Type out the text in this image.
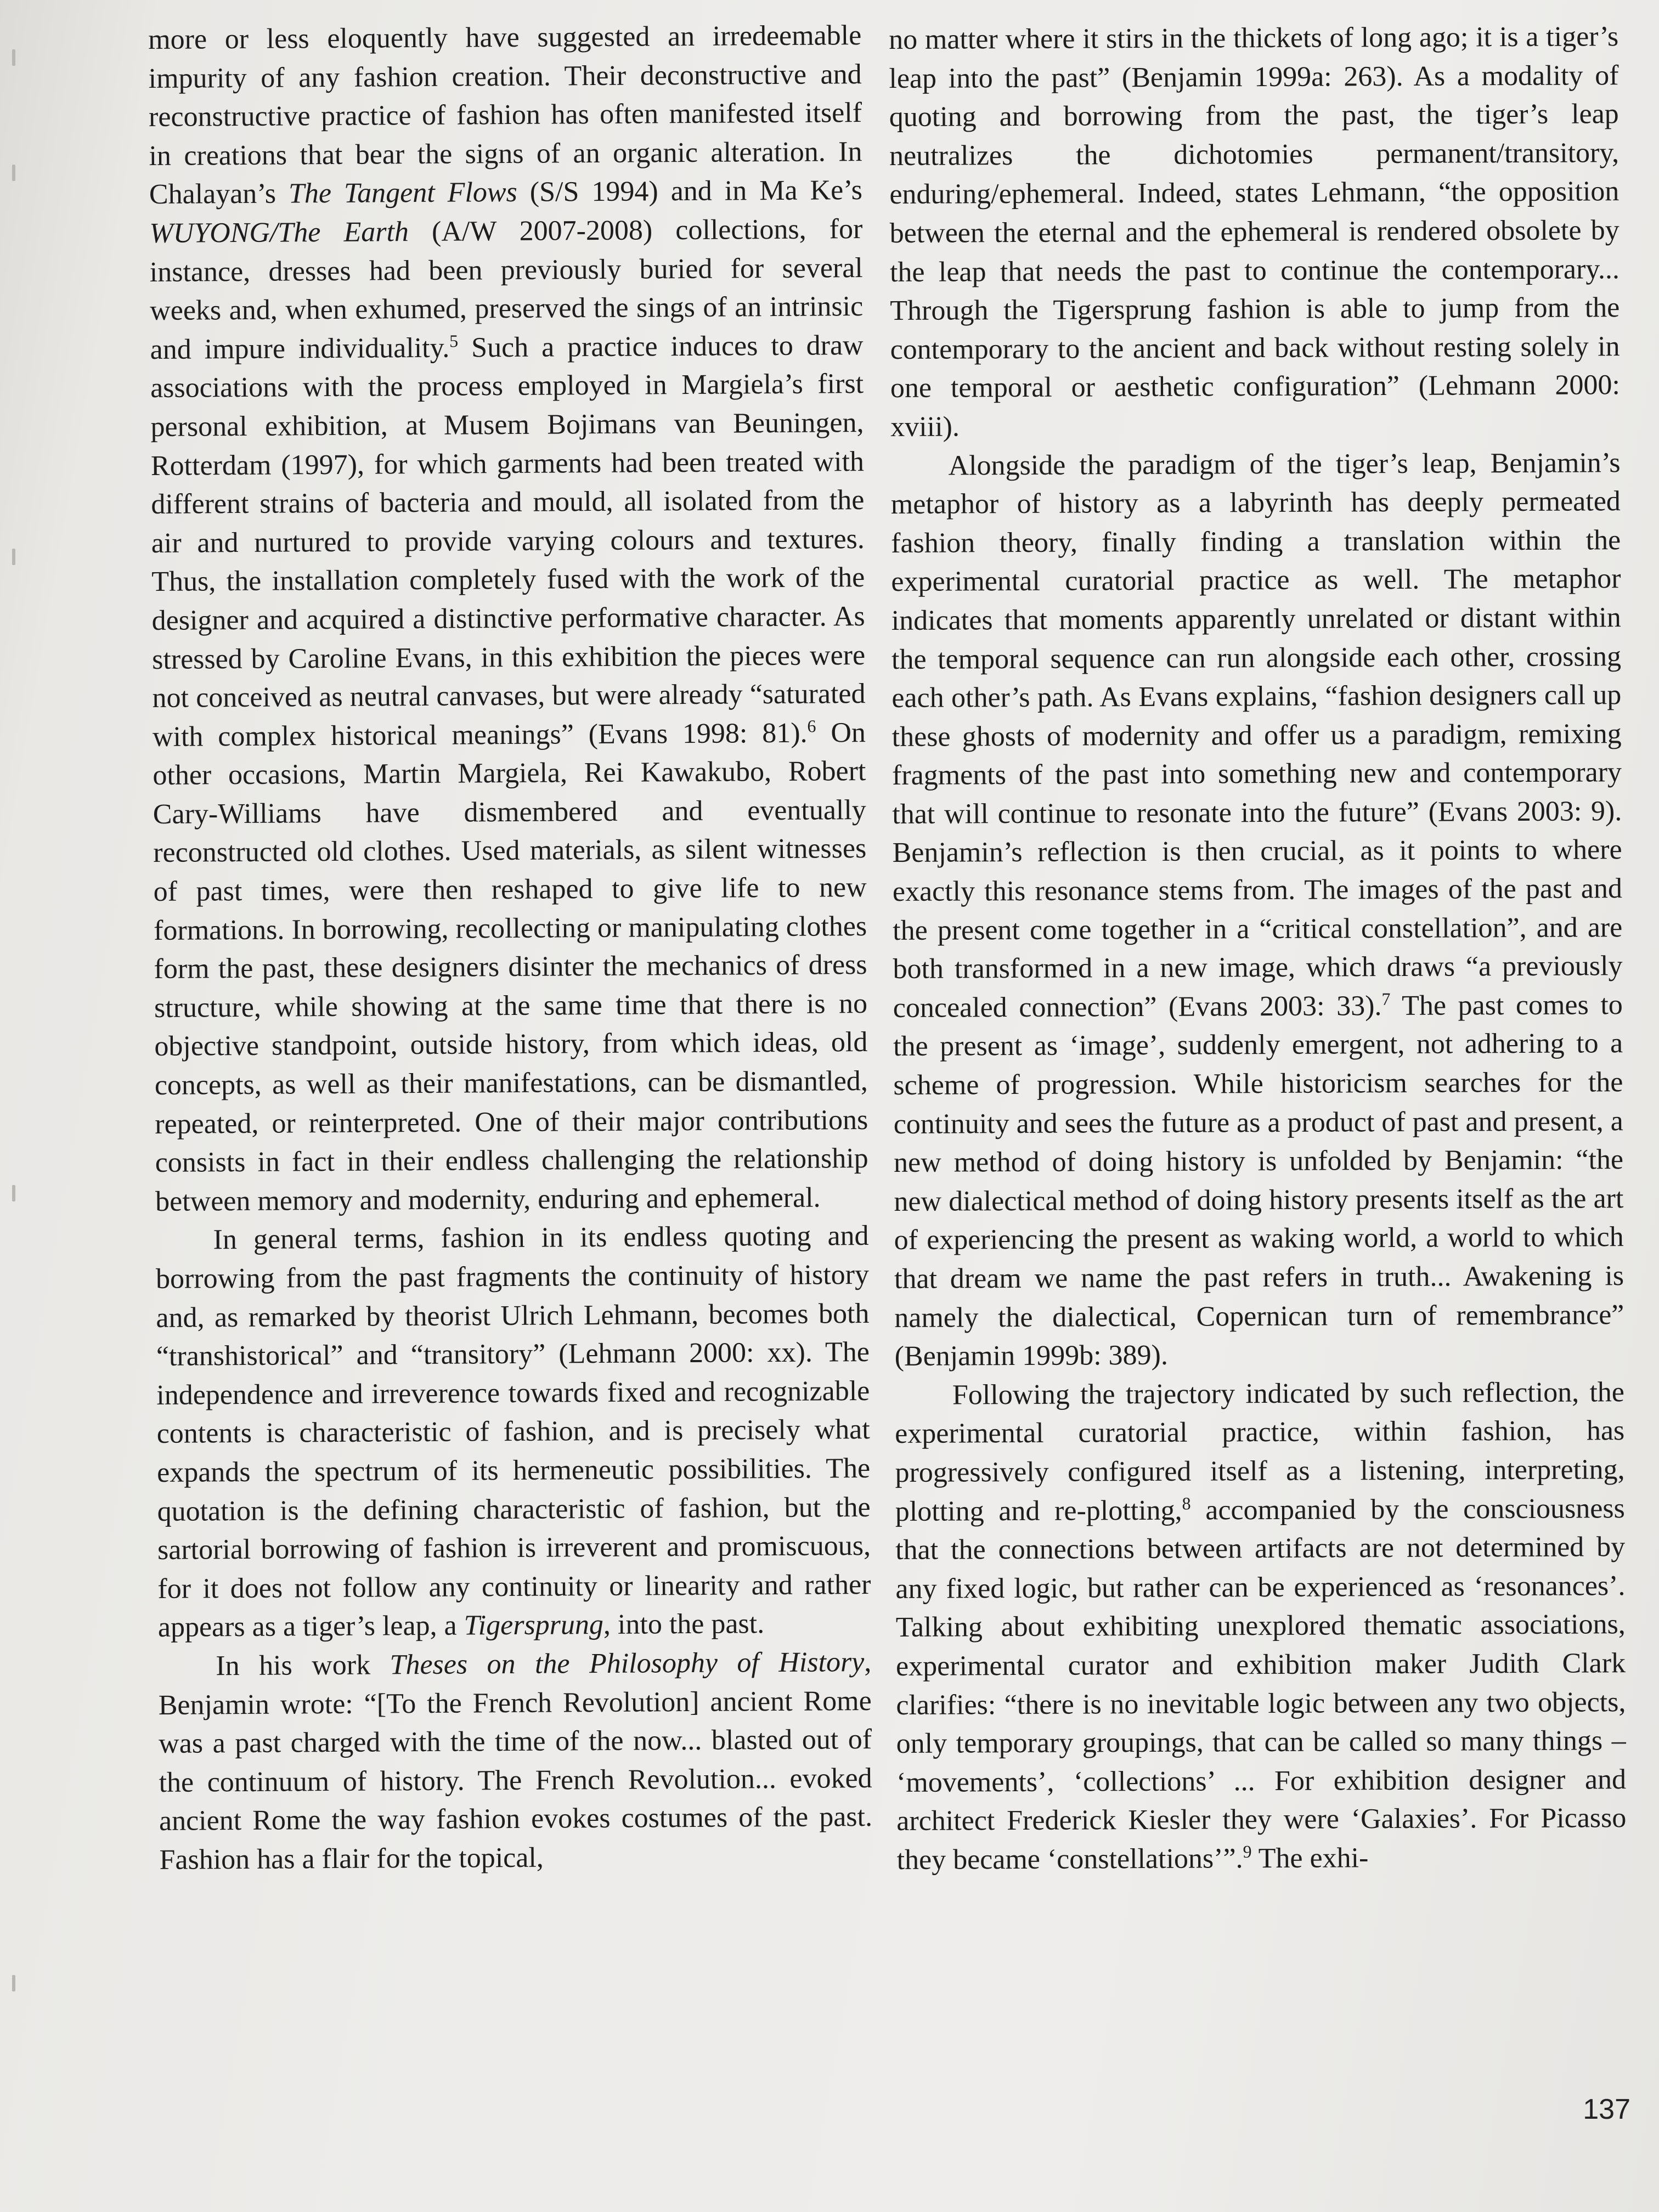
more or less eloquently have suggested an irredeemable impurity of any fashion creation. Their deconstructive and reconstructive practice of fashion has often manifested itself in creations that bear the signs of an organic alteration. In Chalayan’s The Tangent Flows (S/S 1994) and in Ma Ke’s WUYONG/The Earth (A/W 2007-2008) collections, for instance, dresses had been previously buried for several weeks and, when exhumed, preserved the sings of an intrinsic and impure individuality.$^5$ Such a practice induces to draw associations with the process employed in Margiela’s first personal exhibition, at Musem Bojimans van Beuningen, Rotterdam (1997), for which garments had been treated with different strains of bacteria and mould, all isolated from the air and nurtured to provide varying colours and textures. Thus, the installation completely fused with the work of the designer and acquired a distinctive performative character. As stressed by Caroline Evans, in this exhibition the pieces were not conceived as neutral canvases, but were already “saturated with complex historical meanings” (Evans 1998: 81).$^6$ On other occasions, Martin Margiela, Rei Kawakubo, Robert Cary-Williams have dismembered and eventually reconstructed old clothes. Used materials, as silent witnesses of past times, were then reshaped to give life to new formations. In borrowing, recollecting or manipulating clothes form the past, these designers disinter the mechanics of dress structure, while showing at the same time that there is no objective standpoint, outside history, from which ideas, old concepts, as well as their manifestations, can be dismantled, repeated, or reinterpreted. One of their major contributions consists in fact in their endless challenging the relationship between memory and modernity, enduring and ephemeral.

In general terms, fashion in its endless quoting and borrowing from the past fragments the continuity of history and, as remarked by theorist Ulrich Lehmann, becomes both “transhistorical” and “transitory” (Lehmann 2000: xx). The independence and irreverence towards fixed and recognizable contents is characteristic of fashion, and is precisely what expands the spectrum of its hermeneutic possibilities. The quotation is the defining characteristic of fashion, but the sartorial borrowing of fashion is irreverent and promiscuous, for it does not follow any continuity or linearity and rather appears as a tiger’s leap, a Tigersprung, into the past.

In his work Theses on the Philosophy of History, Benjamin wrote: “[To the French Revolution] ancient Rome was a past charged with the time of the now... blasted out of the continuum of history. The French Revolution... evoked ancient Rome the way fashion evokes costumes of the past. Fashion has a flair for the topical,

no matter where it stirs in the thickets of long ago; it is a tiger’s leap into the past” (Benjamin 1999a: 263). As a modality of quoting and borrowing from the past, the tiger’s leap neutralizes the dichotomies permanent/transitory, enduring/ephemeral. Indeed, states Lehmann, “the opposition between the eternal and the ephemeral is rendered obsolete by the leap that needs the past to continue the contemporary... Through the Tigersprung fashion is able to jump from the contemporary to the ancient and back without resting solely in one temporal or aesthetic configuration” (Lehmann 2000: xviii).

Alongside the paradigm of the tiger’s leap, Benjamin’s metaphor of history as a labyrinth has deeply permeated fashion theory, finally finding a translation within the experimental curatorial practice as well. The metaphor indicates that moments apparently unrelated or distant within the temporal sequence can run alongside each other, crossing each other’s path. As Evans explains, “fashion designers call up these ghosts of modernity and offer us a paradigm, remixing fragments of the past into something new and contemporary that will continue to resonate into the future” (Evans 2003: 9). Benjamin’s reflection is then crucial, as it points to where exactly this resonance stems from. The images of the past and the present come together in a “critical constellation”, and are both transformed in a new image, which draws “a previously concealed connection” (Evans 2003: 33).$^7$ The past comes to the present as ‘image’, suddenly emergent, not adhering to a scheme of progression. While historicism searches for the continuity and sees the future as a product of past and present, a new method of doing history is unfolded by Benjamin: “the new dialectical method of doing history presents itself as the art of experiencing the present as waking world, a world to which that dream we name the past refers in truth... Awakening is namely the dialectical, Copernican turn of remembrance” (Benjamin 1999b: 389).

Following the trajectory indicated by such reflection, the experimental curatorial practice, within fashion, has progressively configured itself as a listening, interpreting, plotting and re-plotting,$^8$ accompanied by the consciousness that the connections between artifacts are not determined by any fixed logic, but rather can be experienced as ‘resonances’. Talking about exhibiting unexplored thematic associations, experimental curator and exhibition maker Judith Clark clarifies: “there is no inevitable logic between any two objects, only temporary groupings, that can be called so many things – ‘movements’, ‘collections’ ... For exhibition designer and architect Frederick Kiesler they were ‘Galaxies’. For Picasso they became ‘constellations’”.$^9$ The exhi-

137
